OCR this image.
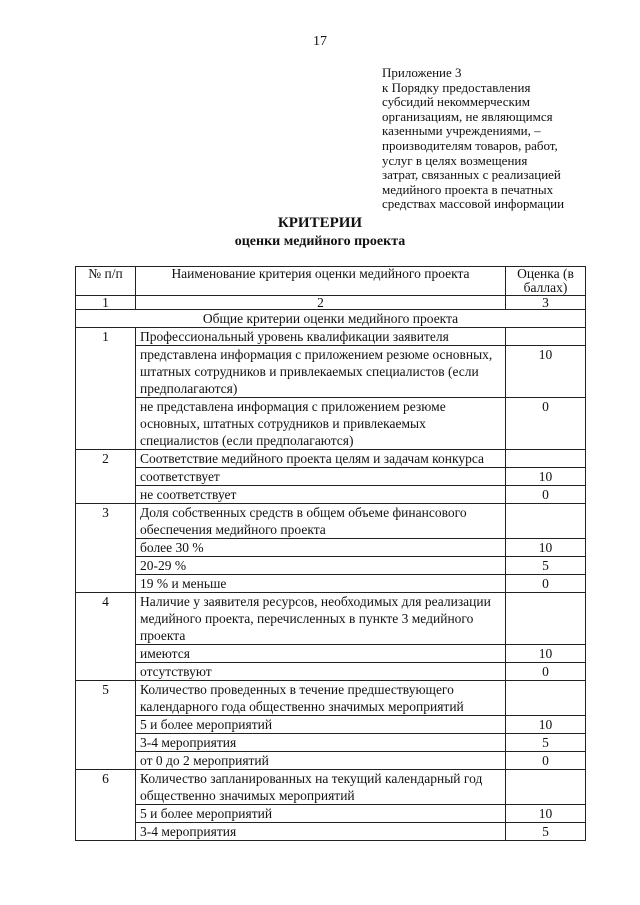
17
Приложение 3
к Порядку предоставления
субсидий некоммерческим
организациям, не являющимся
казенными учреждениями, –
производителям товаров, работ,
услуг в целях возмещения
затрат, связанных с реализацией
медийного проекта в печатных
средствах массовой информации
КРИТЕРИИ
оценки медийного проекта
№ п/п	Наименование критерия оценки медийного проекта	Оценка (в баллах)
1	2	3
Общие критерии оценки медийного проекта		
1	Профессиональный уровень квалификации заявителя	
	представлена информация с приложением резюме основных, штатных сотрудников и привлекаемых специалистов (если предполагаются)	10
	не представлена информация с приложением резюме основных, штатных сотрудников и привлекаемых специалистов (если предполагаются)	0
2	Соответствие медийного проекта целям и задачам конкурса	
	соответствует	10
	не соответствует	0
3	Доля собственных средств в общем объеме финансового обеспечения медийного проекта	
	более 30 %	10
	20-29 %	5
	19 % и меньше	0
4	Наличие у заявителя ресурсов, необходимых для реализации медийного проекта, перечисленных в пункте 3 медийного проекта	
	имеются	10
	отсутствуют	0
5	Количество проведенных в течение предшествующего календарного года общественно значимых мероприятий	
	5 и более мероприятий	10
	3-4 мероприятия	5
	от 0 до 2 мероприятий	0
6	Количество запланированных на текущий календарный год общественно значимых мероприятий	
	5 и более мероприятий	10
	3-4 мероприятия	5
